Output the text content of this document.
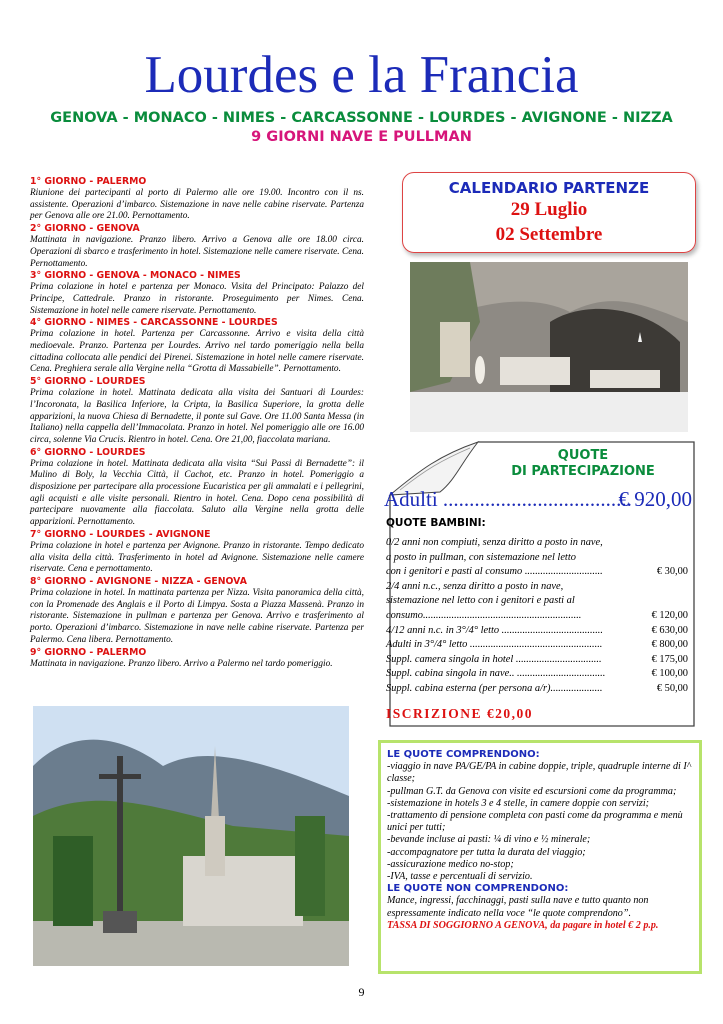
Lourdes e la Francia
GENOVA - MONACO - NIMES - CARCASSONNE - LOURDES - AVIGNONE - NIZZA
9 GIORNI NAVE E PULLMAN
1° GIORNO - PALERMO
Riunione dei partecipanti al porto di Palermo alle ore 19.00. Incontro con il ns. assistente. Operazioni d’imbarco. Sistemazione in nave nelle cabine riservate. Partenza per Genova alle ore 21.00. Pernottamento.
2° GIORNO - GENOVA
Mattinata in navigazione. Pranzo libero. Arrivo a Genova alle ore 18.00 circa. Operazioni di sbarco e trasferimento in hotel. Sistemazione nelle camere riservate. Cena. Pernottamento.
3° GIORNO - GENOVA - MONACO - NIMES
Prima colazione in hotel e partenza per Monaco. Visita del Principato: Palazzo del Principe, Cattedrale. Pranzo in ristorante. Proseguimento per Nimes. Cena. Sistemazione in hotel nelle camere riservate. Pernottamento.
4° GIORNO - NIMES - CARCASSONNE - LOURDES
Prima colazione in hotel. Partenza per Carcassonne. Arrivo e visita della città medioevale. Pranzo. Partenza per Lourdes. Arrivo nel tardo pomeriggio nella bella cittadina collocata alle pendici dei Pirenei. Sistemazione in hotel nelle camere riservate. Cena. Preghiera serale alla Vergine nella “Grotta di Massabielle”. Pernottamento.
5° GIORNO - LOURDES
Prima colazione in hotel. Mattinata dedicata alla visita dei Santuari di Lourdes: l’Incoronata, la Basilica Inferiore, la Cripta, la Basilica Superiore, la grotta delle apparizioni, la nuova Chiesa di Bernadette, il ponte sul Gave. Ore 11.00 Santa Messa (in Italiano) nella cappella dell’Immacolata. Pranzo in hotel. Nel pomeriggio alle ore 16.00 circa, solenne Via Crucis. Rientro in hotel. Cena. Ore 21,00, fiaccolata mariana.
6° GIORNO - LOURDES
Prima colazione in hotel. Mattinata dedicata alla visita “Sui Passi di Bernadette”: il Mulino di Boly, la Vecchia Città, il Cachot, etc. Pranzo in hotel. Pomeriggio a disposizione per partecipare alla processione Eucaristica per gli ammalati e i pellegrini, agli acquisti e alle visite personali. Rientro in hotel. Cena. Dopo cena possibilità di partecipare nuovamente alla fiaccolata. Saluto alla Vergine nella grotta delle apparizioni. Pernottamento.
7° GIORNO - LOURDES - AVIGNONE
Prima colazione in hotel e partenza per Avignone. Pranzo in ristorante. Tempo dedicato alla visita della città. Trasferimento in hotel ad Avignone. Sistemazione nelle camere riservate. Cena e pernottamento.
8° GIORNO - AVIGNONE - NIZZA - GENOVA
Prima colazione in hotel. In mattinata partenza per Nizza. Visita panoramica della città, con la Promenade des Anglais e il Porto di Limpya. Sosta a Piazza Massenà. Pranzo in ristorante. Sistemazione in pullman e partenza per Genova. Arrivo e trasferimento al porto. Operazioni d’imbarco. Sistemazione in nave nelle cabine riservate. Partenza per Palermo. Cena libera. Pernottamento.
9° GIORNO - PALERMO
Mattinata in navigazione. Pranzo libero. Arrivo a Palermo nel tardo pomeriggio.
CALENDARIO PARTENZE
29 Luglio
02 Settembre
QUOTE
DI PARTECIPAZIONE
Adulti ....................................
€ 920,00
QUOTE BAMBINI:
0/2 anni non compiuti, senza diritto a posto in nave,
a posto in pullman, con sistemazione nel letto
con i genitori e pasti al consumo ..............................	€ 30,00
2/4 anni n.c., senza diritto a posto in nave,
sistemazione nel letto con i genitori e pasti al
consumo.............................................................	€ 120,00
4/12 anni n.c. in 3°/4° letto .......................................	€ 630,00
Adulti in 3°/4° letto ...................................................	€ 800,00
Suppl. camera singola in hotel .................................	€ 175,00
Suppl. cabina singola in nave.. ..................................	€ 100,00
Suppl. cabina esterna (per persona a/r)....................	€ 50,00
ISCRIZIONE €20,00
LE QUOTE COMPRENDONO:
-viaggio in nave PA/GE/PA in cabine doppie, triple, quadruple interne di I^ classe;
-pullman G.T. da Genova con visite ed escursioni come da programma;
-sistemazione in hotels 3 e 4 stelle, in camere doppie con servizi;
-trattamento di pensione completa con pasti come da programma e menù unici per tutti;
-bevande incluse ai pasti: ¼ di vino e ½ minerale;
-accompagnatore per tutta la durata del viaggio;
-assicurazione medico no-stop;
-IVA, tasse e percentuali di servizio.
LE QUOTE NON COMPRENDONO:
Mance, ingressi, facchinaggi, pasti sulla nave e tutto quanto non espressamente indicato nella voce “le quote comprendono”.
TASSA DI SOGGIORNO A GENOVA, da pagare in hotel € 2 p.p.
9
